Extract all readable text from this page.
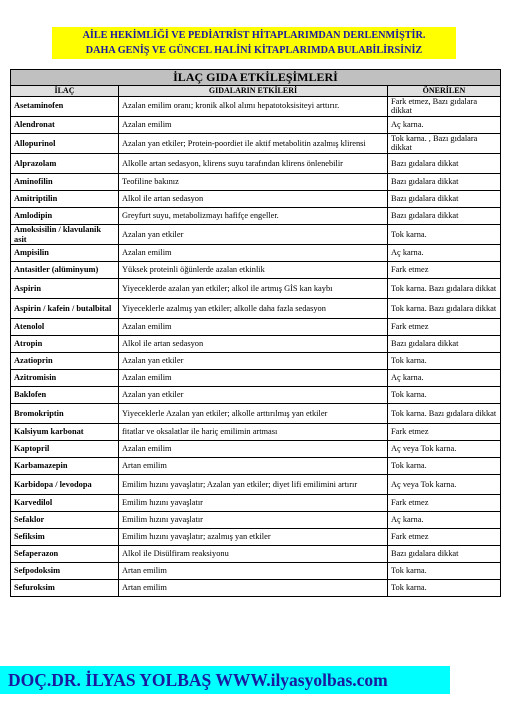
AİLE HEKİMLİĞİ VE PEDİATRİST HİTAPLARIMDAN DERLENMİŞTİR.
DAHA GENİŞ VE GÜNCEL HALİNİ KİTAPLARIMDA BULABİLİRSİNİZ
İLAÇ GIDA ETKİLEŞİMLERİ		
İLAÇ	GIDALARIN ETKİLERİ	ÖNERİLEN
Asetaminofen	Azalan emilim oranı; kronik alkol alımı hepatotoksisiteyi arttırır.	Fark etmez, Bazı gıdalara dikkat
Alendronat	Azalan emilim	Aç karna.
Allopurinol	Azalan yan etkiler; Protein-poordiet ile aktif metabolitin azalmış klirensi	Tok karna. , Bazı gıdalara dikkat
Alprazolam	Alkolle artan sedasyon, klirens suyu tarafından klirens önlenebilir	Bazı gıdalara dikkat
Aminofilin	Teofiline bakınız	Bazı gıdalara dikkat
Amitriptilin	Alkol ile artan sedasyon	Bazı gıdalara dikkat
Amlodipin	Greyfurt suyu, metabolizmayı hafifçe engeller.	Bazı gıdalara dikkat
Amoksisilin / klavulanik asit	Azalan yan etkiler	Tok karna.
Ampisilin	Azalan emilim	Aç karna.
Antasitler (alüminyum)	Yüksek proteinli öğünlerde azalan etkinlik	Fark etmez
Aspirin	Yiyeceklerde azalan yan etkiler; alkol ile artmış GİS kan kaybı	Tok karna. Bazı gıdalara dikkat
Aspirin / kafein / butalbital	Yiyeceklerle azalmış yan etkiler; alkolle daha fazla sedasyon	Tok karna. Bazı gıdalara dikkat
Atenolol	Azalan emilim	Fark etmez
Atropin	Alkol ile artan sedasyon	Bazı gıdalara dikkat
Azatioprin	Azalan yan etkiler	Tok karna.
Azitromisin	Azalan emilim	Aç karna.
Baklofen	Azalan yan etkiler	Tok karna.
Bromokriptin	Yiyeceklerle Azalan yan etkiler; alkolle arttırılmış yan etkiler	Tok karna. Bazı gıdalara dikkat
Kalsiyum karbonat	fitatlar ve oksalatlar ile hariç emilimin artması	Fark etmez
Kaptopril	Azalan emilim	Aç veya Tok karna.
Karbamazepin	Artan emilim	Tok karna.
Karbidopa / levodopa	Emilim hızını yavaşlatır; Azalan yan etkiler; diyet lifi emilimini artırır	Aç veya Tok karna.
Karvedilol	Emilim hızını yavaşlatır	Fark etmez
Sefaklor	Emilim hızını yavaşlatır	Aç karna.
Sefiksim	Emilim hızını yavaşlatır; azalmış yan etkiler	Fark etmez
Sefaperazon	Alkol ile Disülfiram reaksiyonu	Bazı gıdalara dikkat
Sefpodoksim	Artan emilim	Tok karna.
Sefuroksim	Artan emilim	Tok karna.
DOÇ.DR. İLYAS YOLBAŞ WWW.ilyasyolbas.com
